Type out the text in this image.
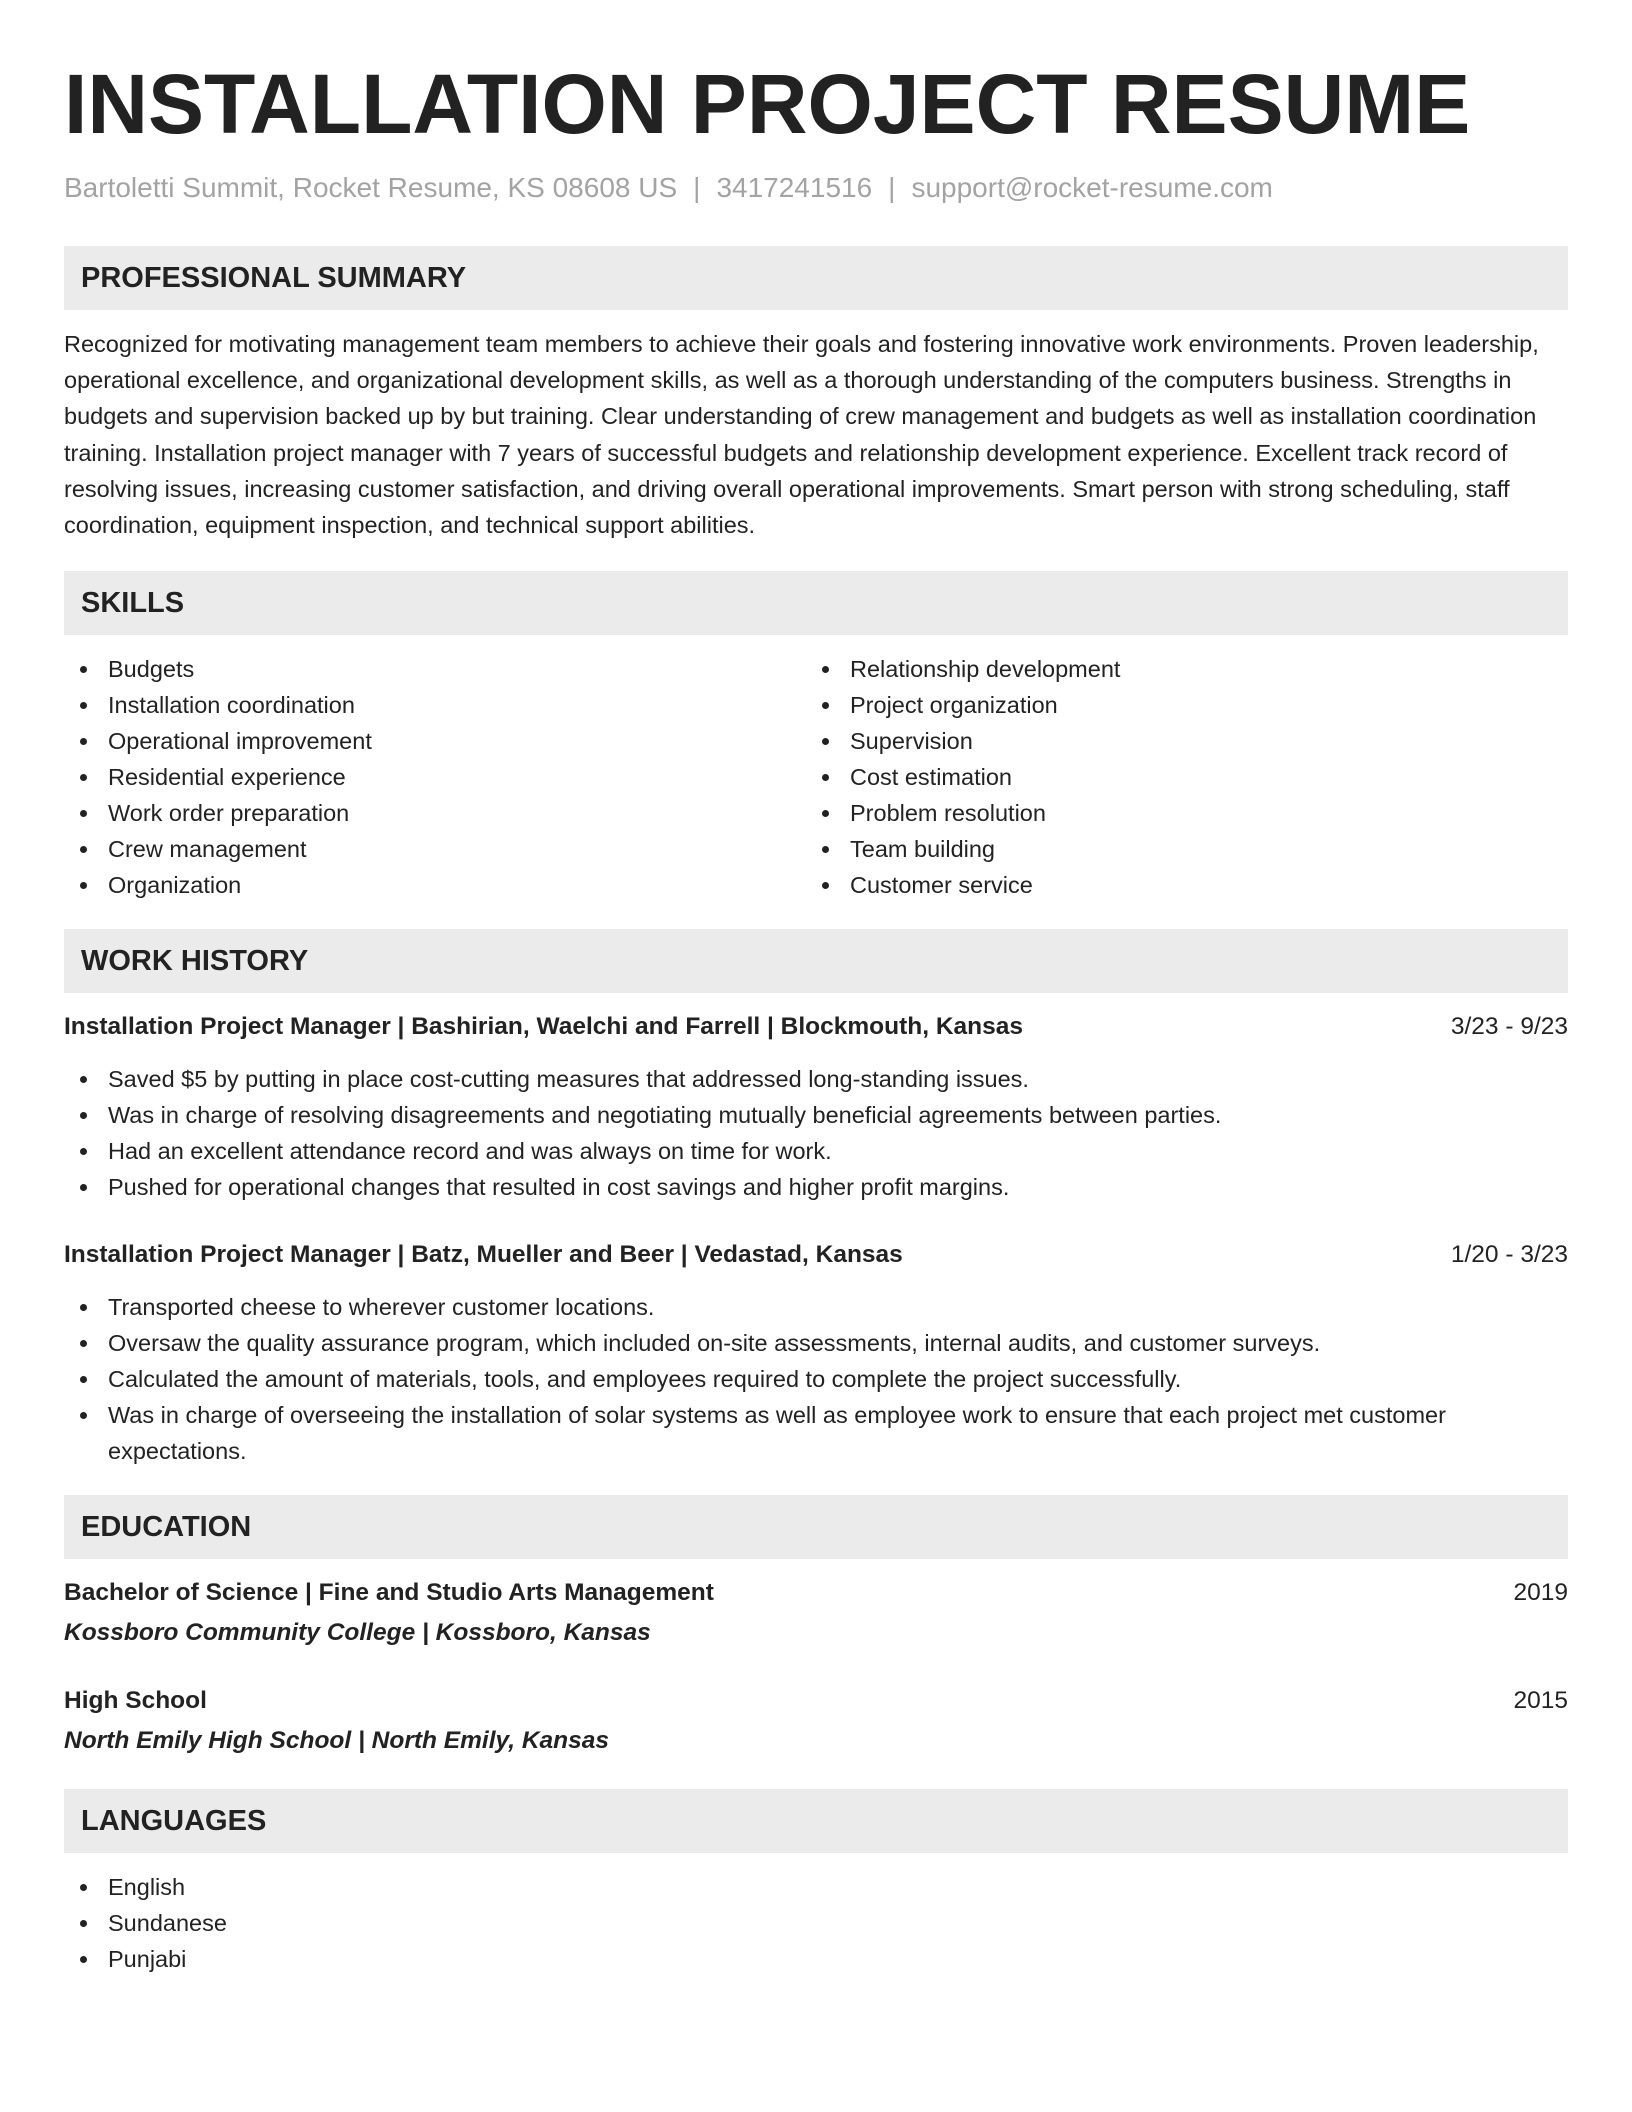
INSTALLATION PROJECT RESUME
Bartoletti Summit, Rocket Resume, KS 08608 US | 3417241516 | support@rocket-resume.com
PROFESSIONAL SUMMARY

Recognized for motivating management team members to achieve their goals and fostering innovative work environments. Proven leadership, operational excellence, and organizational development skills, as well as a thorough understanding of the computers business. Strengths in budgets and supervision backed up by but training. Clear understanding of crew management and budgets as well as installation coordination training. Installation project manager with 7 years of successful budgets and relationship development experience. Excellent track record of resolving issues, increasing customer satisfaction, and driving overall operational improvements. Smart person with strong scheduling, staff coordination, equipment inspection, and technical support abilities.

SKILLS
Budgets
Installation coordination
Operational improvement
Residential experience
Work order preparation
Crew management
Organization
Relationship development
Project organization
Supervision
Cost estimation
Problem resolution
Team building
Customer service
WORK HISTORY
Installation Project Manager | Bashirian, Waelchi and Farrell | Blockmouth, Kansas	3/23 - 9/23
Saved $5 by putting in place cost-cutting measures that addressed long-standing issues.
Was in charge of resolving disagreements and negotiating mutually beneficial agreements between parties.
Had an excellent attendance record and was always on time for work.
Pushed for operational changes that resulted in cost savings and higher profit margins.
Installation Project Manager | Batz, Mueller and Beer | Vedastad, Kansas	1/20 - 3/23
Transported cheese to wherever customer locations.
Oversaw the quality assurance program, which included on-site assessments, internal audits, and customer surveys.
Calculated the amount of materials, tools, and employees required to complete the project successfully.
Was in charge of overseeing the installation of solar systems as well as employee work to ensure that each project met customer expectations.
EDUCATION
Bachelor of Science | Fine and Studio Arts Management	2019
Kossboro Community College | Kossboro, Kansas
High School	2015
North Emily High School | North Emily, Kansas
LANGUAGES
English
Sundanese
Punjabi
